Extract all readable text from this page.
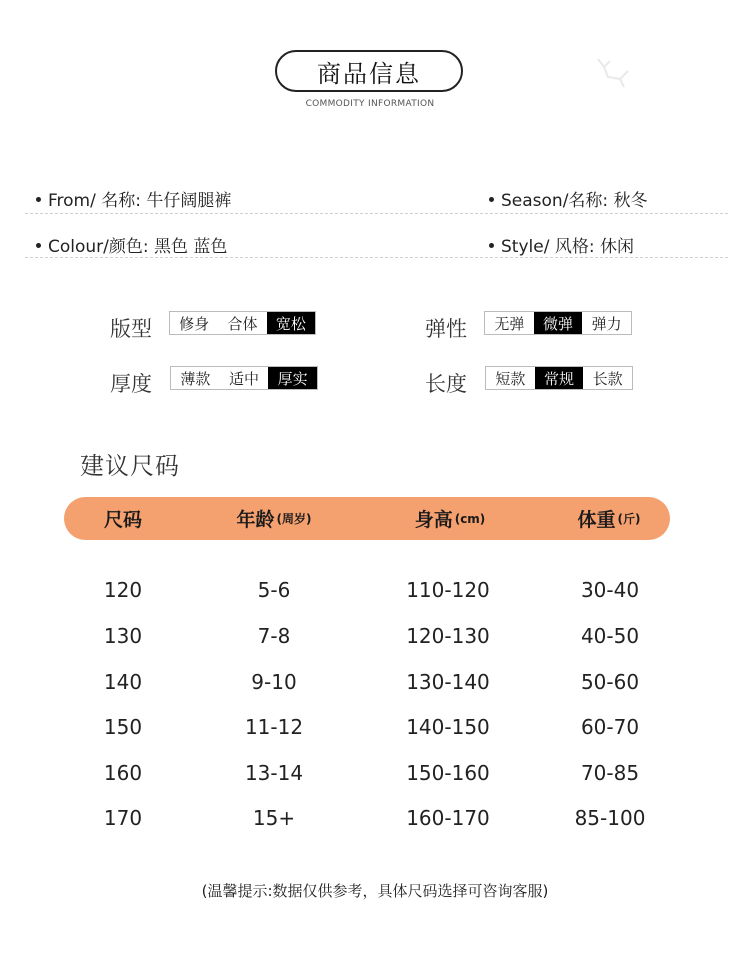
商品信息
COMMODITY INFORMATION
From/ 名称: 牛仔阔腿裤	Season/名称: 秋冬
Colour/颜色: 黑色 蓝色	Style/ 风格: 休闲
版型	修身	合体	宽松	弹性	无弹	微弹	弹力
厚度	薄款	适中	厚实	长度	短款	常规	长款
建议尺码
尺码	年龄 (周岁)	身高 (cm)	体重 (斤)
120	5-6	110-120	30-40
130	7-8	120-130	40-50
140	9-10	130-140	50-60
150	11-12	140-150	60-70
160	13-14	150-160	70-85
170	15+	160-170	85-100
(温馨提示:数据仅供参考，具体尺码选择可咨询客服)
